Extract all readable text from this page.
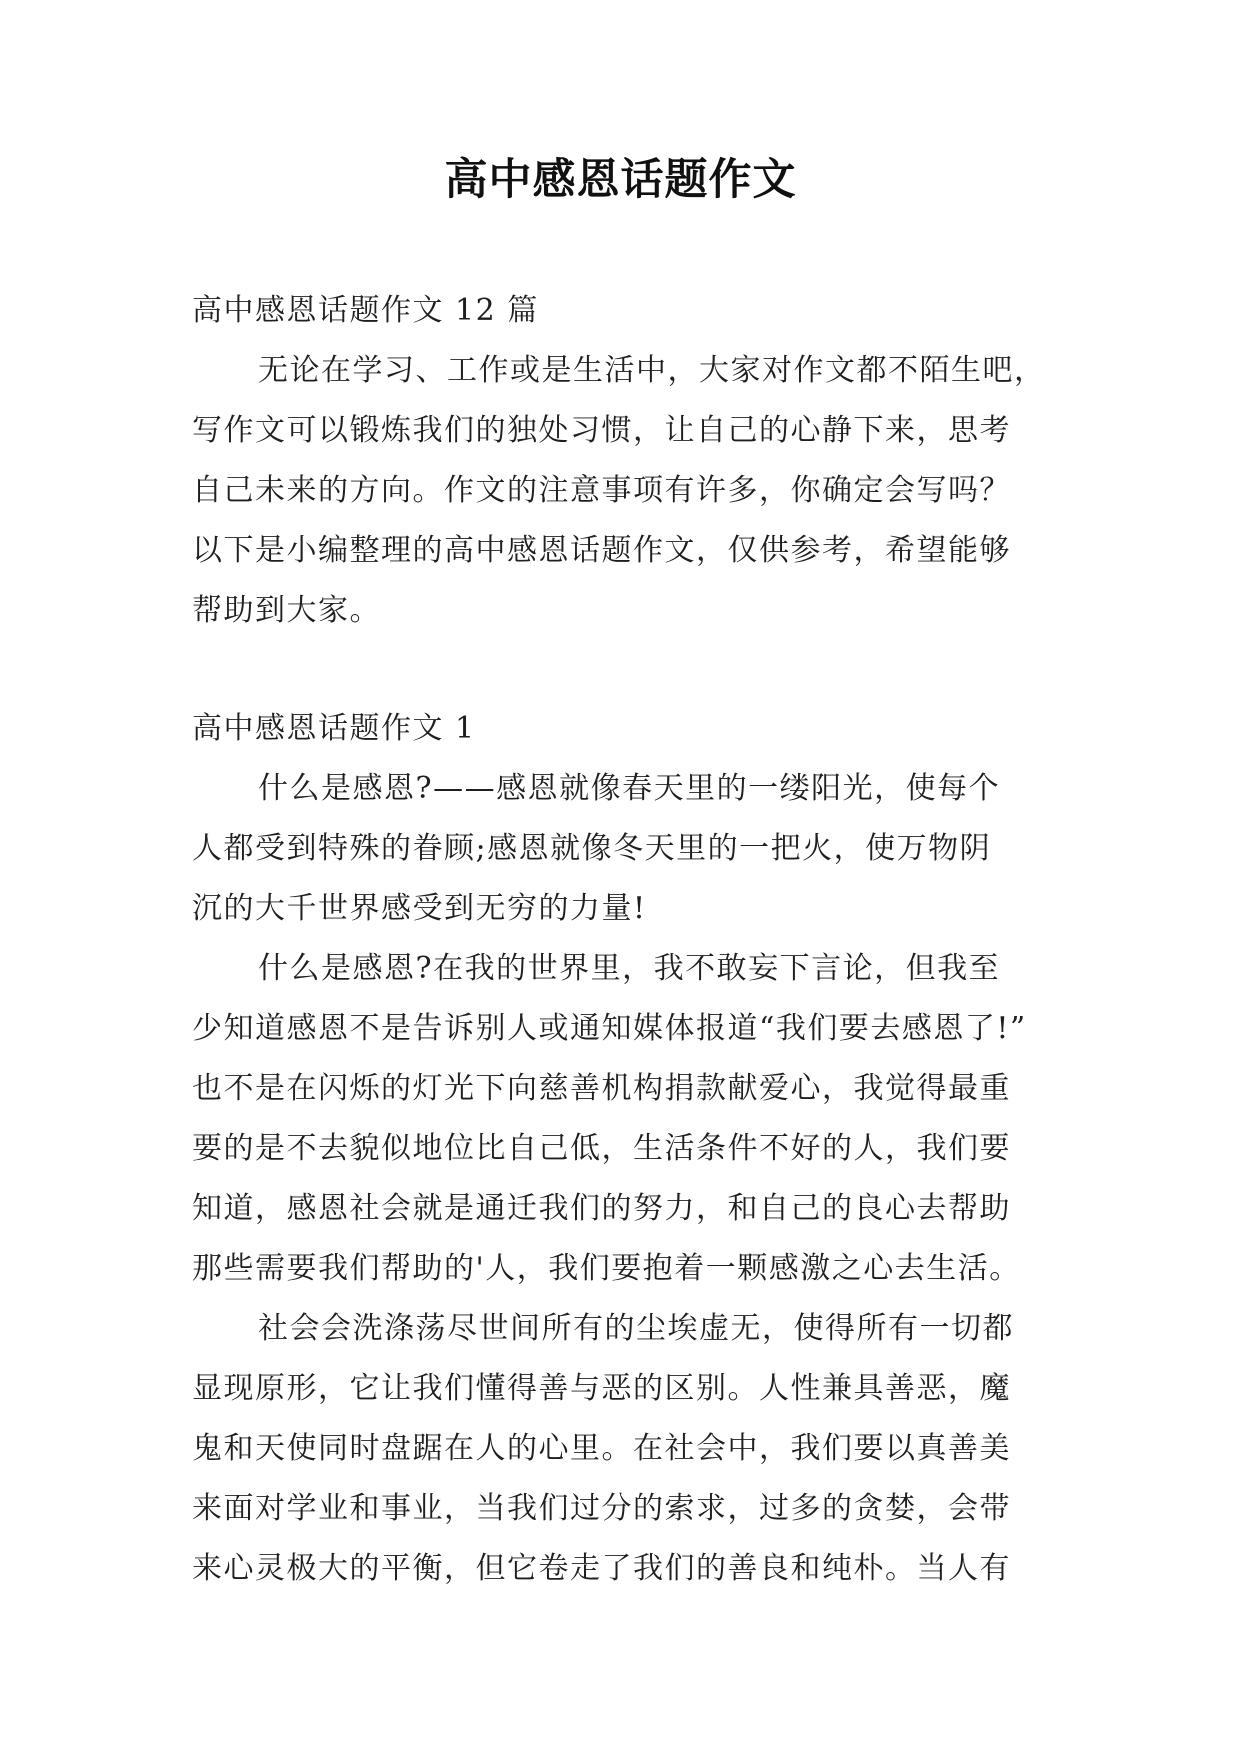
高中感恩话题作文
高中感恩话题作文 12 篇
无论在学习、工作或是生活中，大家对作文都不陌生吧，
写作文可以锻炼我们的独处习惯，让自己的心静下来，思考
自己未来的方向。作文的注意事项有许多，你确定会写吗？
以下是小编整理的高中感恩话题作文，仅供参考，希望能够
帮助到大家。
高中感恩话题作文 1
什么是感恩?——感恩就像春天里的一缕阳光，使每个
人都受到特殊的眷顾;感恩就像冬天里的一把火，使万物阴
沉的大千世界感受到无穷的力量!
什么是感恩?在我的世界里，我不敢妄下言论，但我至
少知道感恩不是告诉别人或通知媒体报道“我们要去感恩了!”
也不是在闪烁的灯光下向慈善机构捐款献爱心，我觉得最重
要的是不去貌似地位比自己低，生活条件不好的人，我们要
知道，感恩社会就是通迁我们的努力，和自己的良心去帮助
那些需要我们帮助的'人，我们要抱着一颗感激之心去生活。
社会会洗涤荡尽世间所有的尘埃虚无，使得所有一切都
显现原形，它让我们懂得善与恶的区别。人性兼具善恶，魔
鬼和天使同时盘踞在人的心里。在社会中，我们要以真善美
来面对学业和事业，当我们过分的索求，过多的贪婪，会带
来心灵极大的平衡，但它卷走了我们的善良和纯朴。当人有
